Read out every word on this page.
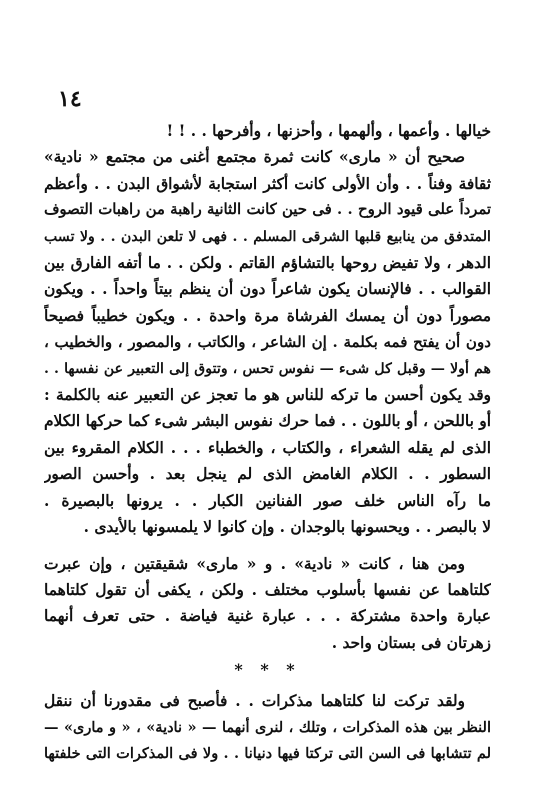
١٤
خيالها . وأعمها ، وألهمها ، وأحزنها ، وأفرحها . . ! !
صحيح أن « مارى» كانت ثمرة مجتمع أغنى من مجتمع « نادية»
ثقافة وفناً . . وأن الأولى كانت أكثر استجابة لأشواق البدن . . وأعظم
تمرداً على قيود الروح . . فى حين كانت الثانية راهبة من راهبات التصوف
المتدفق من ينابيع قلبها الشرقى المسلم . . فهى لا تلعن البدن . . ولا تسب
الدهر ، ولا تفيض روحها بالتشاؤم القاتم . ولكن . . ما أتفه الفارق بين
القوالب . . فالإنسان يكون شاعراً دون أن ينظم بيتاً واحداً . . ويكون
مصوراً دون أن يمسك الفرشاة مرة واحدة . . ويكون خطيباً فصيحاً
دون أن يفتح فمه بكلمة . إن الشاعر ، والكاتب ، والمصور ، والخطيب ،
هم أولا — وقبل كل شىء — نفوس تحس ، وتتوق إلى التعبير عن نفسها . .
وقد يكون أحسن ما تركه للناس هو ما تعجز عن التعبير عنه بالكلمة :
أو باللحن ، أو باللون . . فما حرك نفوس البشر شىء كما حركها الكلام
الذى لم يقله الشعراء ، والكتاب ، والخطباء . . . الكلام المقروء بين
السطور . . الكلام الغامض الذى لم ينجل بعد . وأحسن الصور
ما رآه الناس خلف صور الفنانين الكبار . . يرونها بالبصيرة .
لا بالبصر . . ويحسونها بالوجدان . وإن كانوا لا يلمسونها بالأيدى .
ومن هنا ، كانت « نادية» . و « مارى» شقيقتين ، وإن عبرت
كلتاهما عن نفسها بأسلوب مختلف . ولكن ، يكفى أن تقول كلتاهما
عبارة واحدة مشتركة . . . عبارة غنية فياضة . حتى تعرف أنهما
زهرتان فى بستان واحد .
* * *
ولقد تركت لنا كلتاهما مذكرات . . فأصبح فى مقدورنا أن ننقل
النظر بين هذه المذكرات ، وتلك ، لنرى أنهما — « نادية» ، « و مارى» —
لم تتشابها فى السن التى تركتا فيها دنيانا . . ولا فى المذكرات التى خلفتها
